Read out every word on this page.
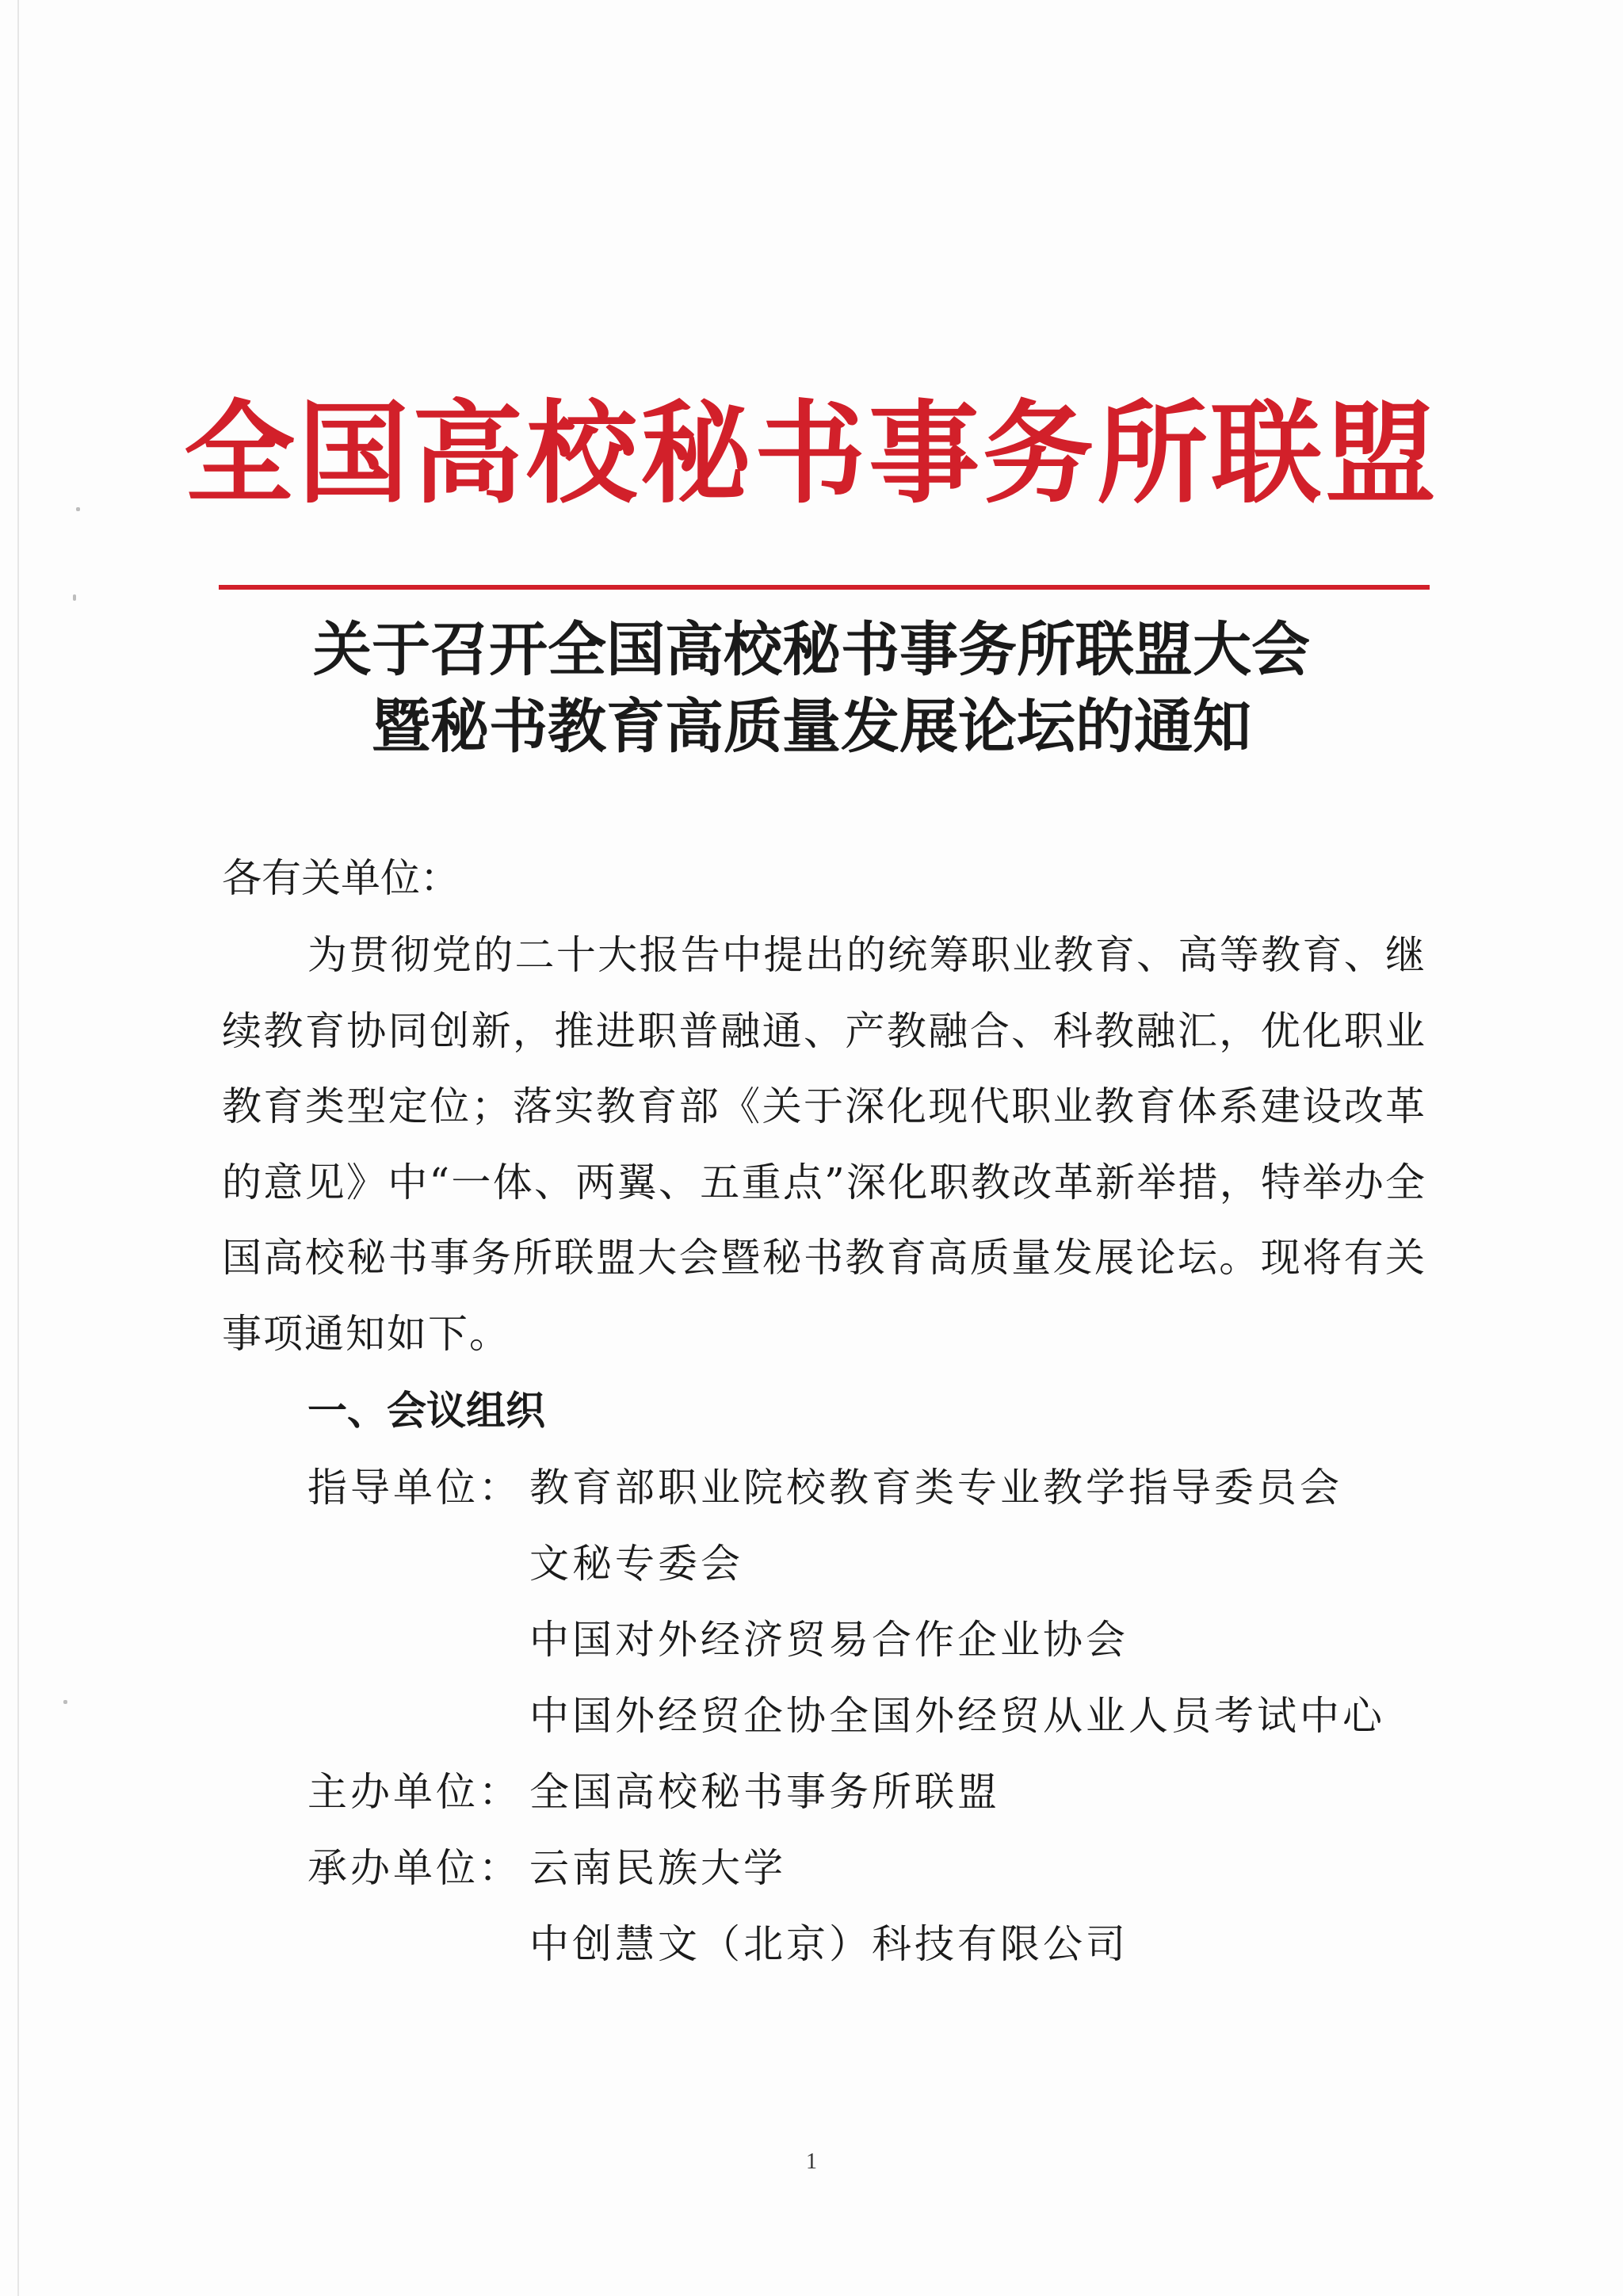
全国高校秘书事务所联盟
关于召开全国高校秘书事务所联盟大会
暨秘书教育高质量发展论坛的通知
各有关单位：
为贯彻党的二十大报告中提出的统筹职业教育、高等教育、继续教育协同创新，推进职普融通、产教融合、科教融汇，优化职业教育类型定位；落实教育部《关于深化现代职业教育体系建设改革的意见》中“一体、两翼、五重点”深化职教改革新举措，特举办全国高校秘书事务所联盟大会暨秘书教育高质量发展论坛。现将有关事项通知如下。
一、会议组织
指导单位： 教育部职业院校教育类专业教学指导委员会
文秘专委会
中国对外经济贸易合作企业协会
中国外经贸企协全国外经贸从业人员考试中心
主办单位： 全国高校秘书事务所联盟
承办单位： 云南民族大学
中创慧文（北京）科技有限公司
1
